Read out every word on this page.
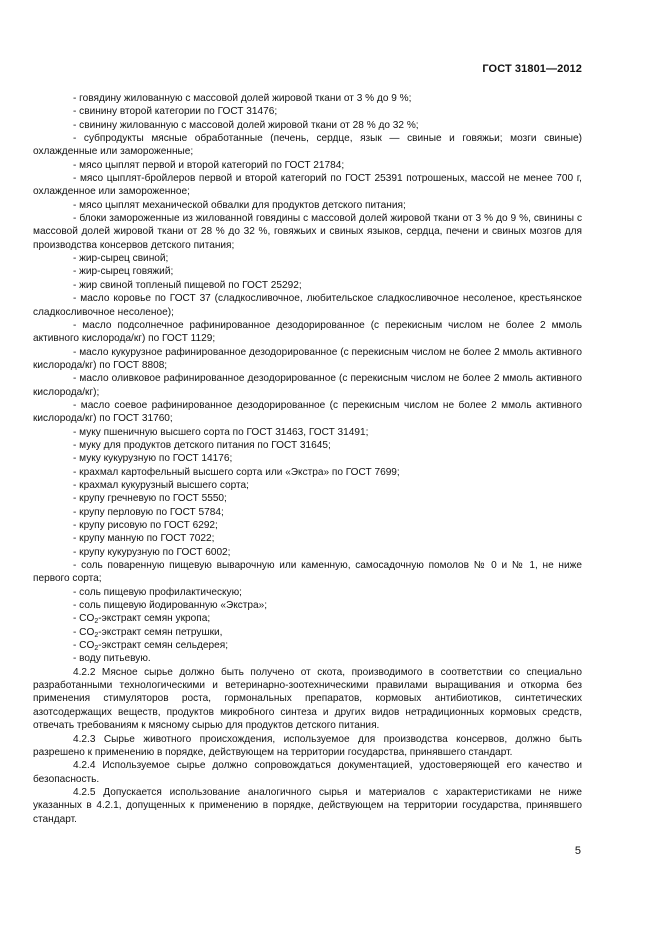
ГОСТ 31801—2012

- говядину жилованную с массовой долей жировой ткани от 3 % до 9 %;

- свинину второй категории по ГОСТ 31476;

- свинину жилованную с массовой долей жировой ткани от 28 % до 32 %;

- субпродукты мясные обработанные (печень, сердце, язык — свиные и говяжьи; мозги свиные) охлажденные или замороженные;

- мясо цыплят первой и второй категорий по ГОСТ 21784;

- мясо цыплят-бройлеров первой и второй категорий по ГОСТ 25391 потрошеных, массой не менее 700 г, охлажденное или замороженное;

- мясо цыплят механической обвалки для продуктов детского питания;

- блоки замороженные из жилованной говядины с массовой долей жировой ткани от 3 % до 9 %, свинины с массовой долей жировой ткани от 28 % до 32 %, говяжьих и свиных языков, сердца, печени и свиных мозгов для производства консервов детского питания;

- жир-сырец свиной;

- жир-сырец говяжий;

- жир свиной топленый пищевой по ГОСТ 25292;

- масло коровье по ГОСТ 37 (сладкосливочное, любительское сладкосливочное несоленое, крестьянское сладкосливочное несоленое);

- масло подсолнечное рафинированное дезодорированное (с перекисным числом не более 2 ммоль активного кислорода/кг) по ГОСТ 1129;

- масло кукурузное рафинированное дезодорированное (с перекисным числом не более 2 ммоль активного кислорода/кг) по ГОСТ 8808;

- масло оливковое рафинированное дезодорированное (с перекисным числом не более 2 ммоль активного кислорода/кг);

- масло соевое рафинированное дезодорированное (с перекисным числом не более 2 ммоль активного кислорода/кг) по ГОСТ 31760;

- муку пшеничную высшего сорта по ГОСТ 31463, ГОСТ 31491;

- муку для продуктов детского питания по ГОСТ 31645;

- муку кукурузную по ГОСТ 14176;

- крахмал картофельный высшего сорта или «Экстра» по ГОСТ 7699;

- крахмал кукурузный высшего сорта;

- крупу гречневую по ГОСТ 5550;

- крупу перловую по ГОСТ 5784;

- крупу рисовую по ГОСТ 6292;

- крупу манную по ГОСТ 7022;

- крупу кукурузную по ГОСТ 6002;

- соль поваренную пищевую выварочную или каменную, самосадочную помолов № 0 и № 1, не ниже первого сорта;

- соль пищевую профилактическую;

- соль пищевую йодированную «Экстра»;

- $CO_2$-экстракт семян укропа;

- $CO_2$-экстракт семян петрушки,

- $CO_2$-экстракт семян сельдерея;

- воду питьевую.

4.2.2 Мясное сырье должно быть получено от скота, производимого в соответствии со специально разработанными технологическими и ветеринарно-зоотехническими правилами выращивания и откорма без применения стимуляторов роста, гормональных препаратов, кормовых антибиотиков, синтетических азотсодержащих веществ, продуктов микробного синтеза и других видов нетрадиционных кормовых средств, отвечать требованиям к мясному сырью для продуктов детского питания.

4.2.3 Сырье животного происхождения, используемое для производства консервов, должно быть разрешено к применению в порядке, действующем на территории государства, принявшего стандарт.

4.2.4 Используемое сырье должно сопровождаться документацией, удостоверяющей его качество и безопасность.

4.2.5 Допускается использование аналогичного сырья и материалов с характеристиками не ниже указанных в 4.2.1, допущенных к применению в порядке, действующем на территории государства, принявшего стандарт.

5
